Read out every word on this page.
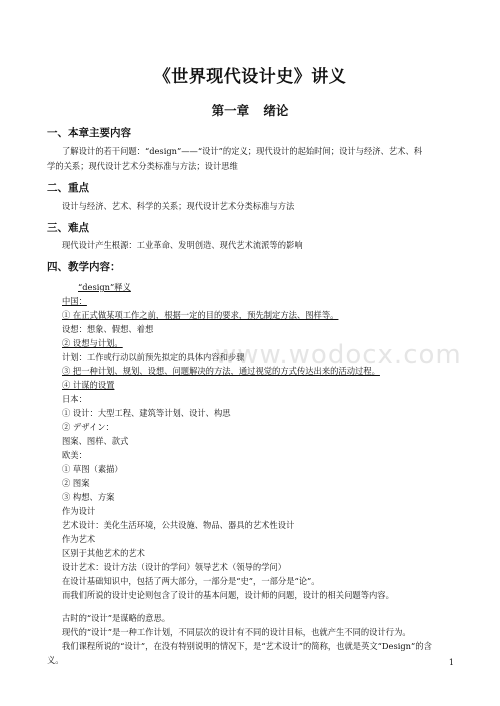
《世界现代设计史》讲义
第一章 绪论
一、本章主要内容
了解设计的若干问题：“design”——“设计”的定义；现代设计的起始时间；设计与经济、艺术、科
学的关系；现代设计艺术分类标准与方法；设计思维
二、重点
设计与经济、艺术、科学的关系；现代设计艺术分类标准与方法
三、难点
现代设计产生根源：工业革命、发明创造、现代艺术流派等的影响
四、教学内容：
“design”释义
中国：
① 在正式做某项工作之前，根据一定的目的要求，预先制定方法、图样等。
设想：想象、假想、着想
② 设想与计划。
计划：工作或行动以前预先拟定的具体内容和步骤
③ 把一种计划、规划、设想、问题解决的方法，通过视觉的方式传达出来的活动过程。
④ 计谋的设置
日本：
① 设计：大型工程、建筑等计划、设计、构思
② デザイン：
图案、图样、款式
欧美：
① 草图（素描）
② 图案
③ 构想、方案
作为设计
艺术设计：美化生活环境，公共设施、物品、器具的艺术性设计
作为艺术
区别于其他艺术的艺术
设计艺术：设计方法（设计的学问）领导艺术（领导的学问）
在设计基础知识中，包括了两大部分，一部分是“史”，一部分是“论”。
而我们所说的设计史论则包含了设计的基本问题，设计师的问题，设计的相关问题等内容。
古时的“设计”是谋略的意思。
现代的“设计”是一种工作计划，不同层次的设计有不同的设计目标，也就产生不同的设计行为。
我们课程所说的“设计”，在没有特别说明的情况下，是“艺术设计”的简称，也就是英文“Design”的含
义。
www.wodocx.com
1
